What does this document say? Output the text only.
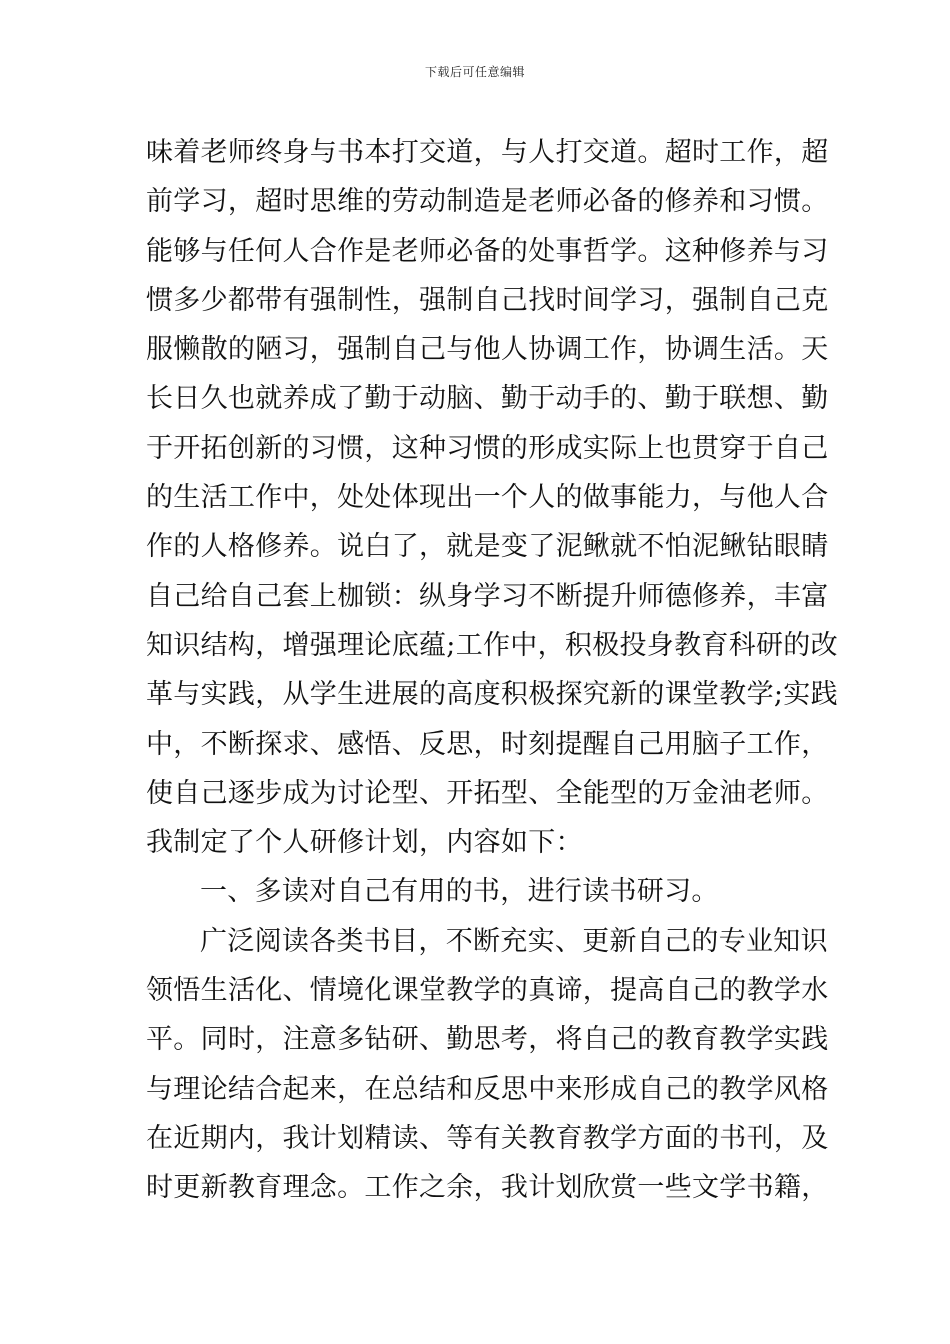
下载后可任意编辑
味着老师终身与书本打交道，与人打交道。超时工作，超
前学习，超时思维的劳动制造是老师必备的修养和习惯。
能够与任何人合作是老师必备的处事哲学。这种修养与习
惯多少都带有强制性，强制自己找时间学习，强制自己克
服懒散的陋习，强制自己与他人协调工作，协调生活。天
长日久也就养成了勤于动脑、勤于动手的、勤于联想、勤
于开拓创新的习惯，这种习惯的形成实际上也贯穿于自己
的生活工作中，处处体现出一个人的做事能力，与他人合
作的人格修养。说白了，就是变了泥鳅就不怕泥鳅钻眼睛
自己给自己套上枷锁：纵身学习不断提升师德修养，丰富
知识结构，增强理论底蕴;工作中，积极投身教育科研的改
革与实践，从学生进展的高度积极探究新的课堂教学;实践
中，不断探求、感悟、反思，时刻提醒自己用脑子工作，
使自己逐步成为讨论型、开拓型、全能型的万金油老师。
我制定了个人研修计划，内容如下：
一、多读对自己有用的书，进行读书研习。
广泛阅读各类书目，不断充实、更新自己的专业知识
领悟生活化、情境化课堂教学的真谛，提高自己的教学水
平。同时，注意多钻研、勤思考，将自己的教育教学实践
与理论结合起来，在总结和反思中来形成自己的教学风格
在近期内，我计划精读、等有关教育教学方面的书刊，及
时更新教育理念。工作之余，我计划欣赏一些文学书籍，
